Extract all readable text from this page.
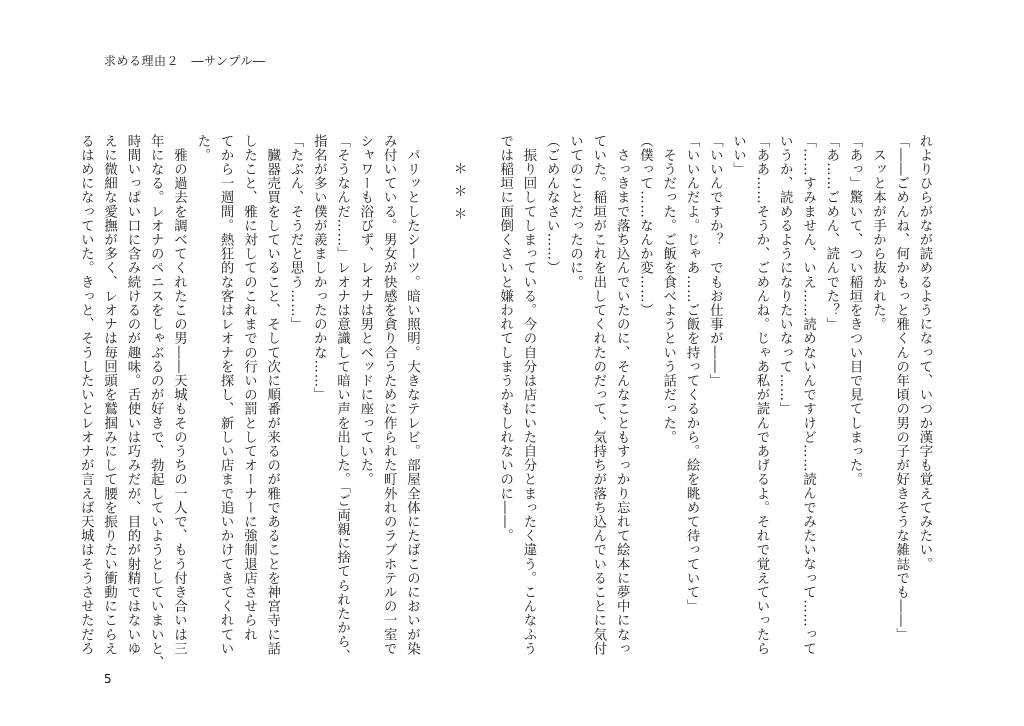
求める理由２　―サンプル―

れよりひらがなが読めるようになって、いつか漢字も覚えてみたい。

「――ごめんね、何かもっと雅くんの年頃の男の子が好きそうな雑誌でも――」

　スッと本が手から抜かれた。

「あっ」驚いて、つい稲垣をきつい目で見てしまった。

「あ……ごめん、読んでた？」

「……すみません、いえ……読めないんですけど……読んでみたいなって……って

いうか、読めるようになりたいなって……」

「ああ……そうか、ごめんね。じゃあ私が読んであげるよ。それで覚えていったら

いい」

「いいんですか？　でもお仕事が――」

「いいんだよ。じゃあ……ご飯を持ってくるから。絵を眺めて待っていて」

　そうだった。ご飯を食べようという話だった。

（僕って……なんか変……）

　さっきまで落ち込んでいたのに、そんなこともすっかり忘れて絵本に夢中になっ

ていた。稲垣がこれを出してくれたのだって、気持ちが落ち込んでいることに気付

いてのことだったのに。

（ごめんなさい……）

　振り回してしまっている。今の自分は店にいた自分とまったく違う。こんなふう

では稲垣に面倒くさいと嫌われてしまうかもしれないのに――。

＊＊＊

　パリッとしたシーツ。暗い照明。大きなテレビ。部屋全体にたばこのにおいが染

み付いている。男女が快感を貪り合うために作られた町外れのラブホテルの一室で

シャワーも浴びず、レオナは男とベッドに座っていた。

「そうなんだ……」レオナは意識して暗い声を出した。「ご両親に捨てられたから、

指名が多い僕が羨ましかったのかな……」

「たぶん、そうだと思う……」

　臓器売買をしていること、そして次に順番が来るのが雅であることを神宮寺に話

したこと、雅に対してのこれまでの行いの罰としてオーナーに強制退店させられ

てから一週間。熱狂的な客はレオナを探し、新しい店まで追いかけてきてくれてい

た。

　雅の過去を調べてくれたこの男――天城もそのうちの一人で、もう付き合いは三

年になる。レオナのペニスをしゃぶるのが好きで、勃起していようとしていまいと、

時間いっぱい口に含み続けるのが趣味。舌使いは巧みだが、目的が射精ではないゆ

えに微細な愛撫が多く、レオナは毎回頭を鷲掴みにして腰を振りたい衝動にこらえ

るはめになっていた。きっと、そうしたいとレオナが言えば天城はそうさせただろ

5
